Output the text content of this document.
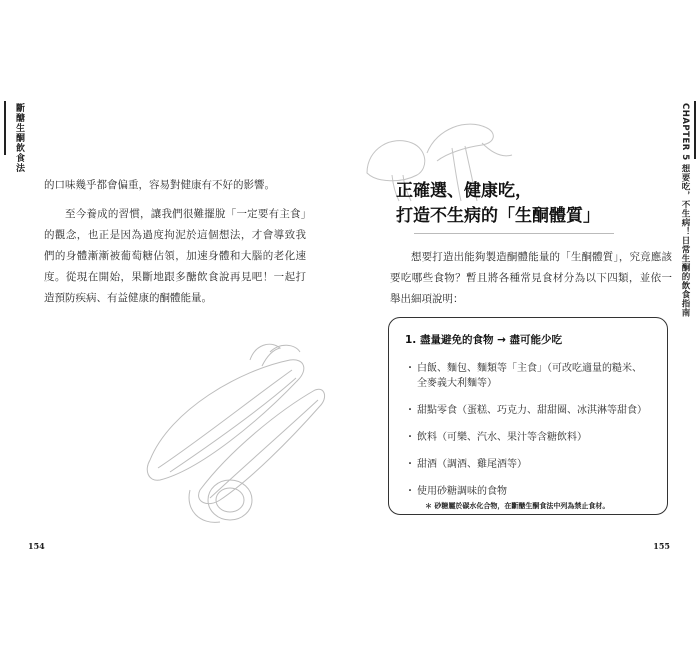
斷醣生酮飲食法

的口味幾乎都會偏重，容易對健康有不好的影響。

至今養成的習慣，讓我們很難擺脫「一定要有主食」的觀念，也正是因為過度拘泥於這個想法，才會導致我們的身體漸漸被葡萄糖佔領，加速身體和大腦的老化速度。從現在開始，果斷地跟多醣飲食說再見吧！一起打造預防疾病、有益健康的酮體能量。

154
CHAPTER 5 想要吃，不生病！日常生酮的飲食指南
正確選、健康吃，
打造不生病的「生酮體質」

想要打造出能夠製造酮體能量的「生酮體質」，究竟應該要吃哪些食物？暫且將各種常見食材分為以下四類，並依一舉出細項說明：

1. 盡量避免的食物 → 盡可能少吃
・ 白飯、麵包、麵類等「主食」（可改吃適量的糙米、全麥義大利麵等）
・ 甜點零食（蛋糕、巧克力、甜甜圈、冰淇淋等甜食）
・ 飲料（可樂、汽水、果汁等含糖飲料）
・ 甜酒（調酒、雞尾酒等）
・ 使用砂糖調味的食物
＊ 砂糖屬於碳水化合物，在斷醣生酮食法中列為禁止食材。
155
